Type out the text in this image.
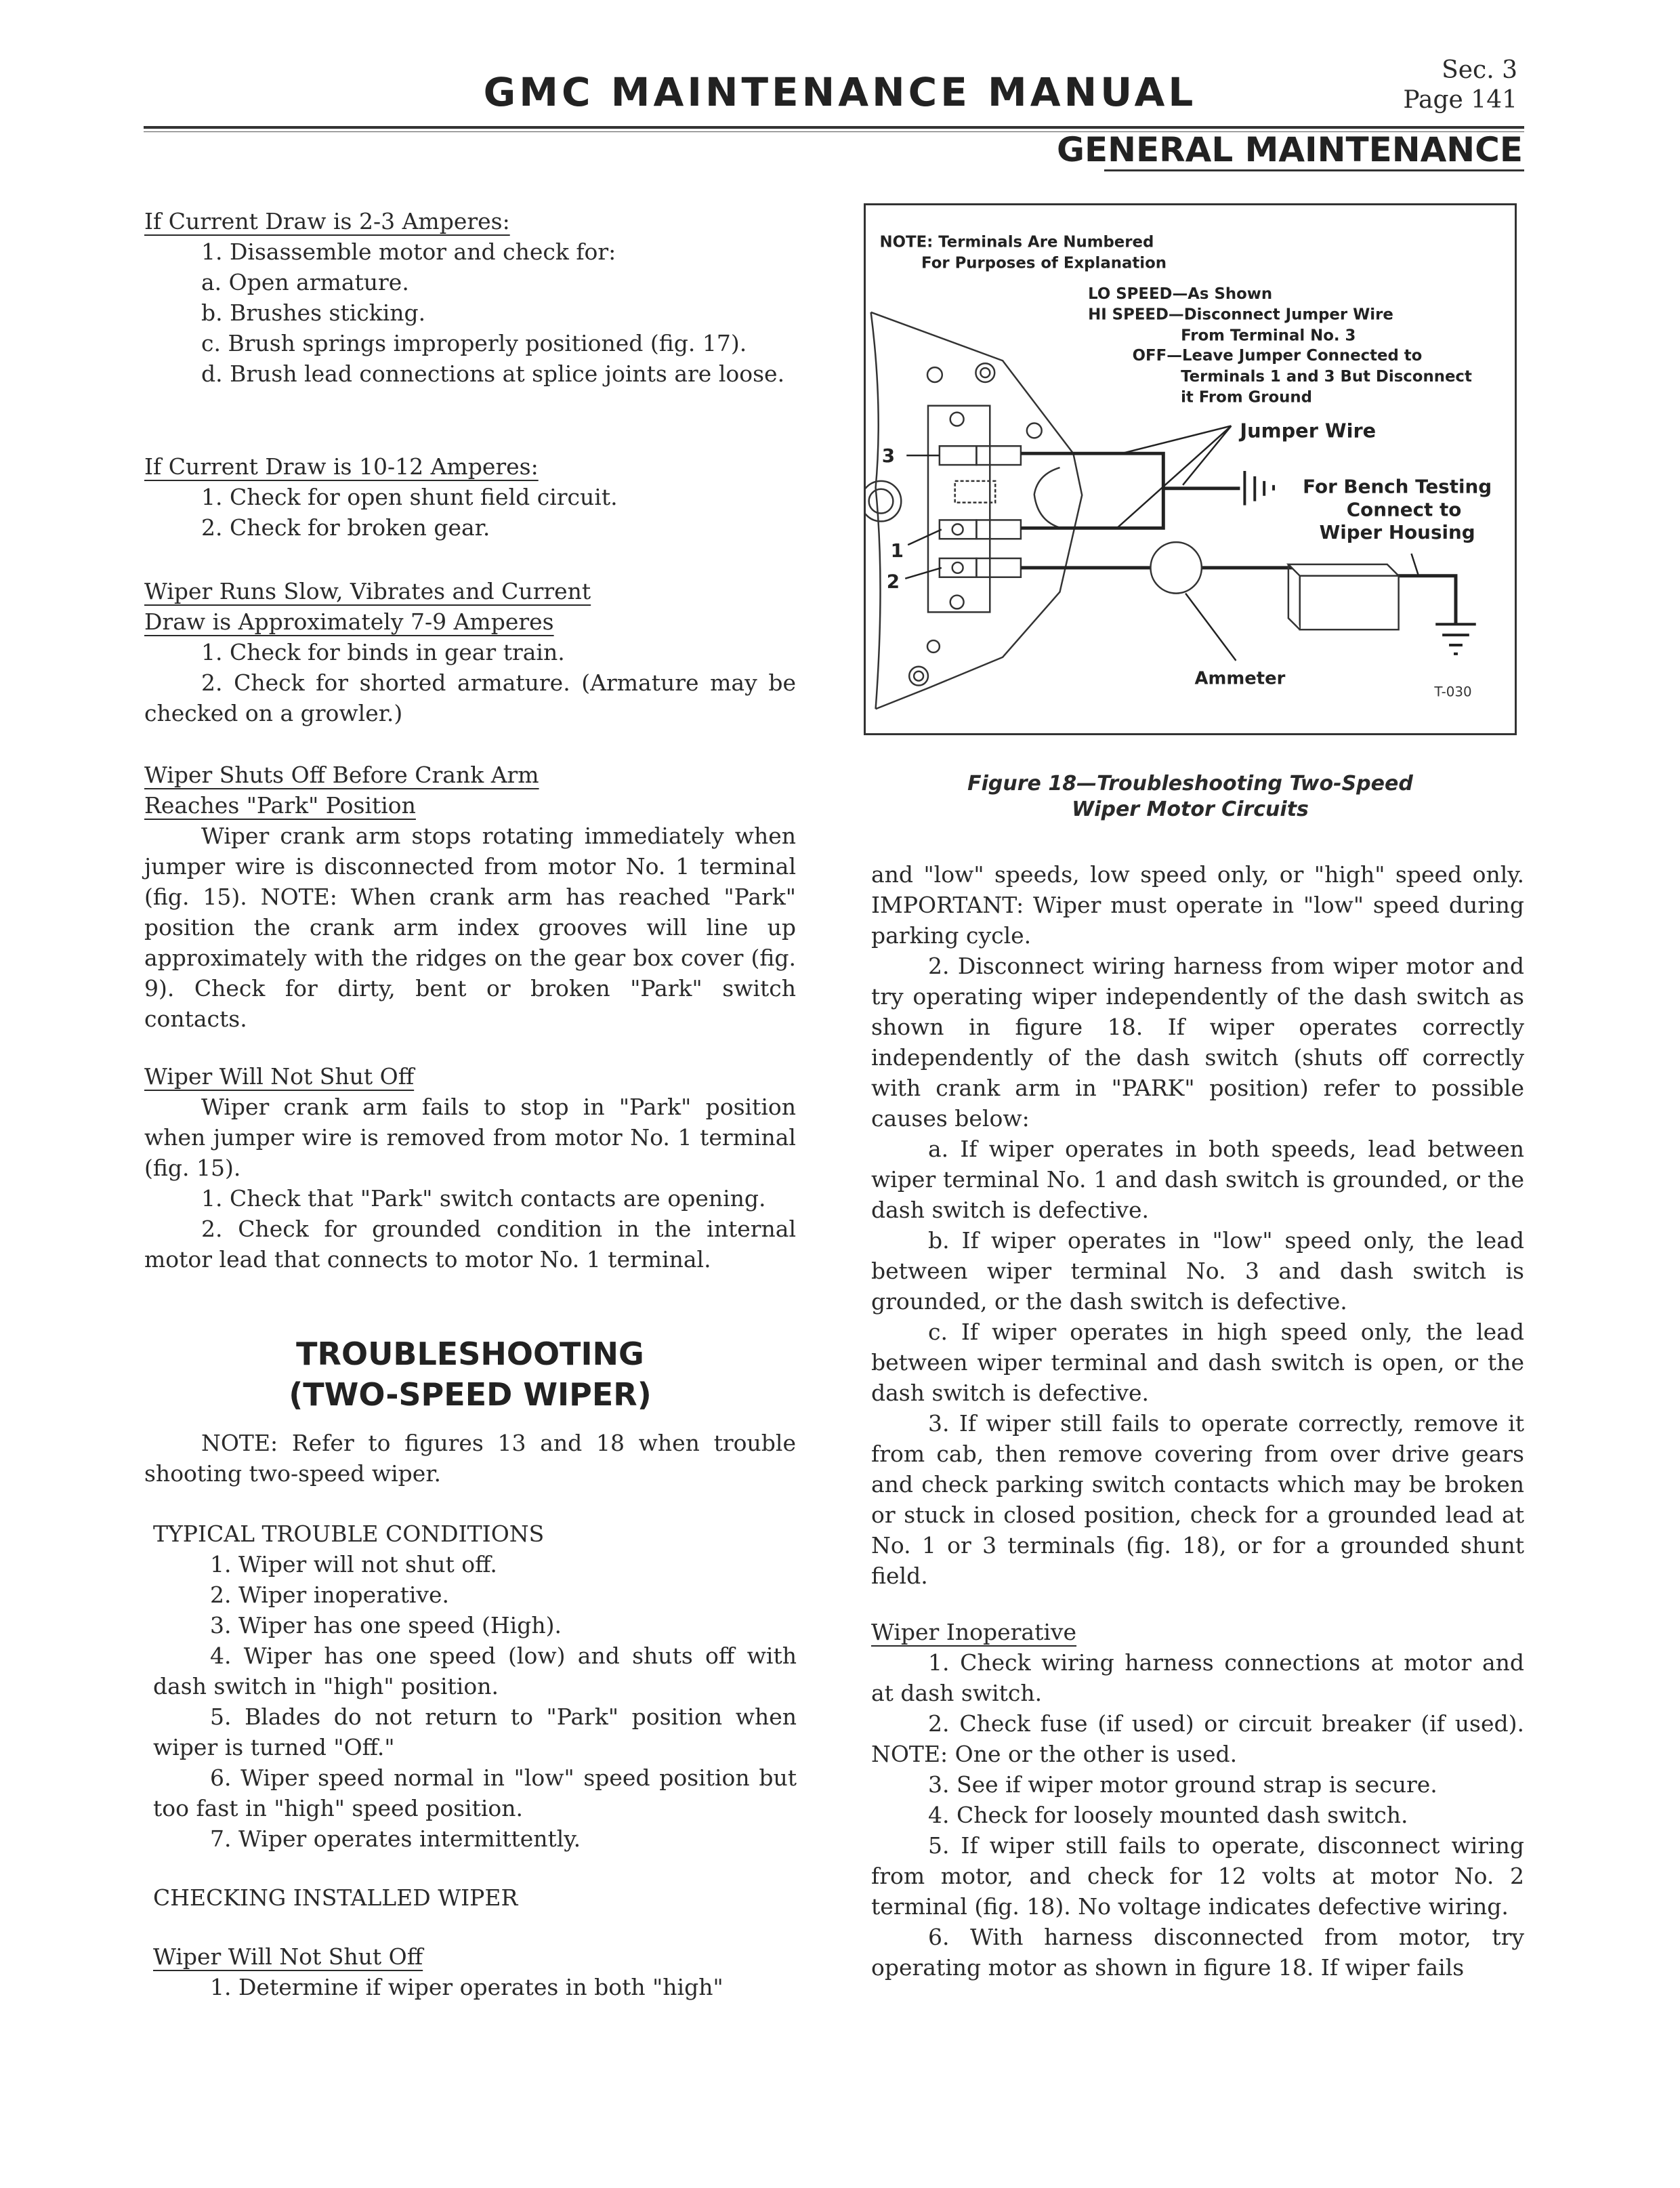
GMC MAINTENANCE MANUAL	Sec. 3
Page 141
GENERAL MAINTENANCE
If Current Draw is 2-3 Amperes:
1. Disassemble motor and check for:
a. Open armature.
b. Brushes sticking.
c. Brush springs improperly positioned (fig. 17).
d. Brush lead connections at splice joints are loose.
If Current Draw is 10-12 Amperes:
1. Check for open shunt field circuit.
2. Check for broken gear.
Wiper Runs Slow, Vibrates and Current
Draw is Approximately 7-9 Amperes
1. Check for binds in gear train.
2. Check for shorted armature. (Armature may be checked on a growler.)
Wiper Shuts Off Before Crank Arm
Reaches "Park" Position
Wiper crank arm stops rotating immediately when jumper wire is disconnected from motor No. 1 terminal (fig. 15). NOTE: When crank arm has reached "Park" position the crank arm index grooves will line up approximately with the ridges on the gear box cover (fig. 9). Check for dirty, bent or broken "Park" switch contacts.
Wiper Will Not Shut Off
Wiper crank arm fails to stop in "Park" position when jumper wire is removed from motor No. 1 terminal (fig. 15).
1. Check that "Park" switch contacts are opening.
2. Check for grounded condition in the internal motor lead that connects to motor No. 1 terminal.
TROUBLESHOOTING
(TWO-SPEED WIPER)
NOTE: Refer to figures 13 and 18 when trouble shooting two-speed wiper.
TYPICAL TROUBLE CONDITIONS
1. Wiper will not shut off.
2. Wiper inoperative.
3. Wiper has one speed (High).
4. Wiper has one speed (low) and shuts off with dash switch in "high" position.
5. Blades do not return to "Park" position when wiper is turned "Off."
6. Wiper speed normal in "low" speed position but too fast in "high" speed position.
7. Wiper operates intermittently.
CHECKING INSTALLED WIPER
Wiper Will Not Shut Off
1. Determine if wiper operates in both "high"
NOTE: Terminals Are Numbered
For Purposes of Explanation
LO SPEED—As Shown
HI SPEED—Disconnect Jumper Wire
From Terminal No. 3
OFF—Leave Jumper Connected to
Terminals 1 and 3 But Disconnect
it From Ground
Jumper Wire
For Bench Testing
Connect to
Wiper Housing
Ammeter
T-030
3
1
2
Figure 18—Troubleshooting Two-Speed
Wiper Motor Circuits
and "low" speeds, low speed only, or "high" speed only. IMPORTANT: Wiper must operate in "low" speed during parking cycle.
2. Disconnect wiring harness from wiper motor and try operating wiper independently of the dash switch as shown in figure 18. If wiper operates correctly independently of the dash switch (shuts off correctly with crank arm in "PARK" position) refer to possible causes below:
a. If wiper operates in both speeds, lead between wiper terminal No. 1 and dash switch is grounded, or the dash switch is defective.
b. If wiper operates in "low" speed only, the lead between wiper terminal No. 3 and dash switch is grounded, or the dash switch is defective.
c. If wiper operates in high speed only, the lead between wiper terminal and dash switch is open, or the dash switch is defective.
3. If wiper still fails to operate correctly, remove it from cab, then remove covering from over drive gears and check parking switch contacts which may be broken or stuck in closed position, check for a grounded lead at No. 1 or 3 terminals (fig. 18), or for a grounded shunt field.
Wiper Inoperative
1. Check wiring harness connections at motor and at dash switch.
2. Check fuse (if used) or circuit breaker (if used). NOTE: One or the other is used.
3. See if wiper motor ground strap is secure.
4. Check for loosely mounted dash switch.
5. If wiper still fails to operate, disconnect wiring from motor, and check for 12 volts at motor No. 2 terminal (fig. 18). No voltage indicates defective wiring.
6. With harness disconnected from motor, try operating motor as shown in figure 18. If wiper fails
